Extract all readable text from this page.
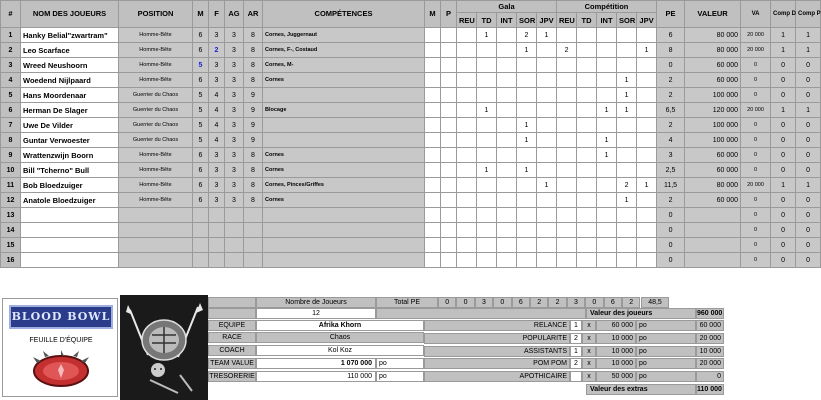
#	NOM DES JOUEURS	POSITION	M	F	AG	AR	COMPÉTENCES	M	P	Gala					Compétition					PE	VALEUR	VA	Comp D	Comp P
										REU	TD	INT	SOR	JPV	REU	TD	INT	SOR	JPV					
1	Hanky Belial"zwartram"	Homme-Bête	6	3	3	8	Cornes, Juggernaut				1		2	1						6	80 000	20 000	1	1
2	Leo Scarface	Homme-Bête	6	2	3	8	Cornes, F-, Costaud						1		2				1	8	80 000	20 000	1	1
3	Wreed Neushoorn	Homme-Bête	5	3	3	8	Cornes, M-													0	60 000	0	0	0
4	Woedend Nijlpaard	Homme-Bête	6	3	3	8	Cornes											1		2	60 000	0	0	0
5	Hans Moordenaar	Guerrier du Chaos	5	4	3	9												1		2	100 000	0	0	0
6	Herman De Slager	Guerrier du Chaos	5	4	3	9	Blocage				1						1	1		6,5	120 000	20 000	1	1
7	Uwe De Vilder	Guerrier du Chaos	5	4	3	9							1							2	100 000	0	0	0
8	Guntar Verwoester	Guerrier du Chaos	5	4	3	9							1				1			4	100 000	0	0	0
9	Wrattenzwijn Boorn	Homme-Bête	6	3	3	8	Cornes										1			3	60 000	0	0	0
10	Bill "Tcherno" Bull	Homme-Bête	6	3	3	8	Cornes				1		1							2,5	60 000	0	0	0
11	Bob Bloedzuiger	Homme-Bête	6	3	3	8	Cornes, Pinces/Griffes							1				2	1	11,5	80 000	20 000	1	1
12	Anatole Bloedzuiger	Homme-Bête	6	3	3	8	Cornes											1		2	60 000	0	0	0
13																				0		0	0	0
14																				0		0	0	0
15																				0		0	0	0
16																				0		0	0	0
BLOOD BOWL
FEUILLE D'ÉQUIPE
Nombre de Joueurs	Total PE	0	0	3	0	6	2	2	3	0	6	2	48,5
12	Valeur des joueurs	960 000
EQUIPE	Afrika Khorn
RACE	Chaos
COACH	Kol Koz
TEAM VALUE	1 070 000	po
TRESORERIE	110 000	po
RELANCE	1	x	60 000 po	60 000
POPULARITE	2	x	10 000 po	20 000
ASSISTANTS	1	x	10 000 po	10 000
POM POM	2	x	10 000 po	20 000
APOTHICAIRE	x	50 000 po	0
Valeur des extras	110 000
